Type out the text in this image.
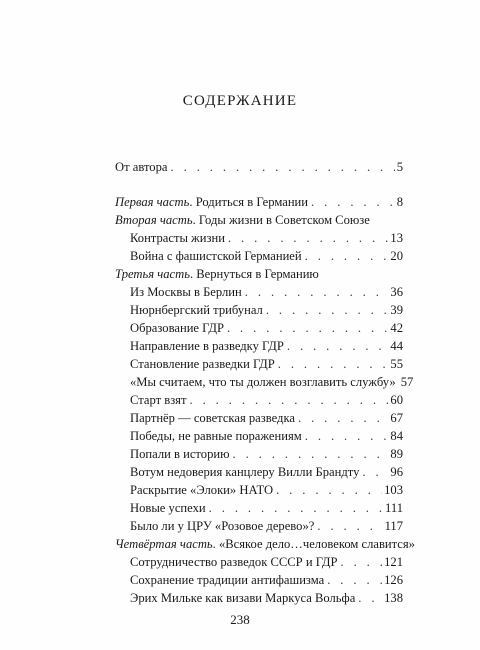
СОДЕРЖАНИЕ
От автора . . .	5
Первая часть. Родиться в Германии . . .	8
Вторая часть. Годы жизни в Советском Союзе
Контрасты жизни . . .	13
Война с фашистской Германией . . .	20
Третья часть. Вернуться в Германию
Из Москвы в Берлин . . .	36
Нюрнбергский трибунал . . .	39
Образование ГДР . . .	42
Направление в разведку ГДР . . .	44
Становление разведки ГДР . . .	55
«Мы считаем, что ты должен возглавить службу» 57
Старт взят . . .	60
Партнёр — советская разведка . . .	67
Победы, не равные поражениям . . .	84
Попали в историю . . .	89
Вотум недоверия канцлеру Вилли Брандту . . . 96
Раскрытие «Элоки» НАТО . . .	103
Новые успехи . . .	111
Было ли у ЦРУ «Розовое дерево»? . . .	117
Четвёртая часть. «Всякое дело…человеком славится»
Сотрудничество разведок СССР и ГДР . . .	121
Сохранение традиции антифашизма . . .	126
Эрих Мильке как визави Маркуса Вольфа . . . 138

238
